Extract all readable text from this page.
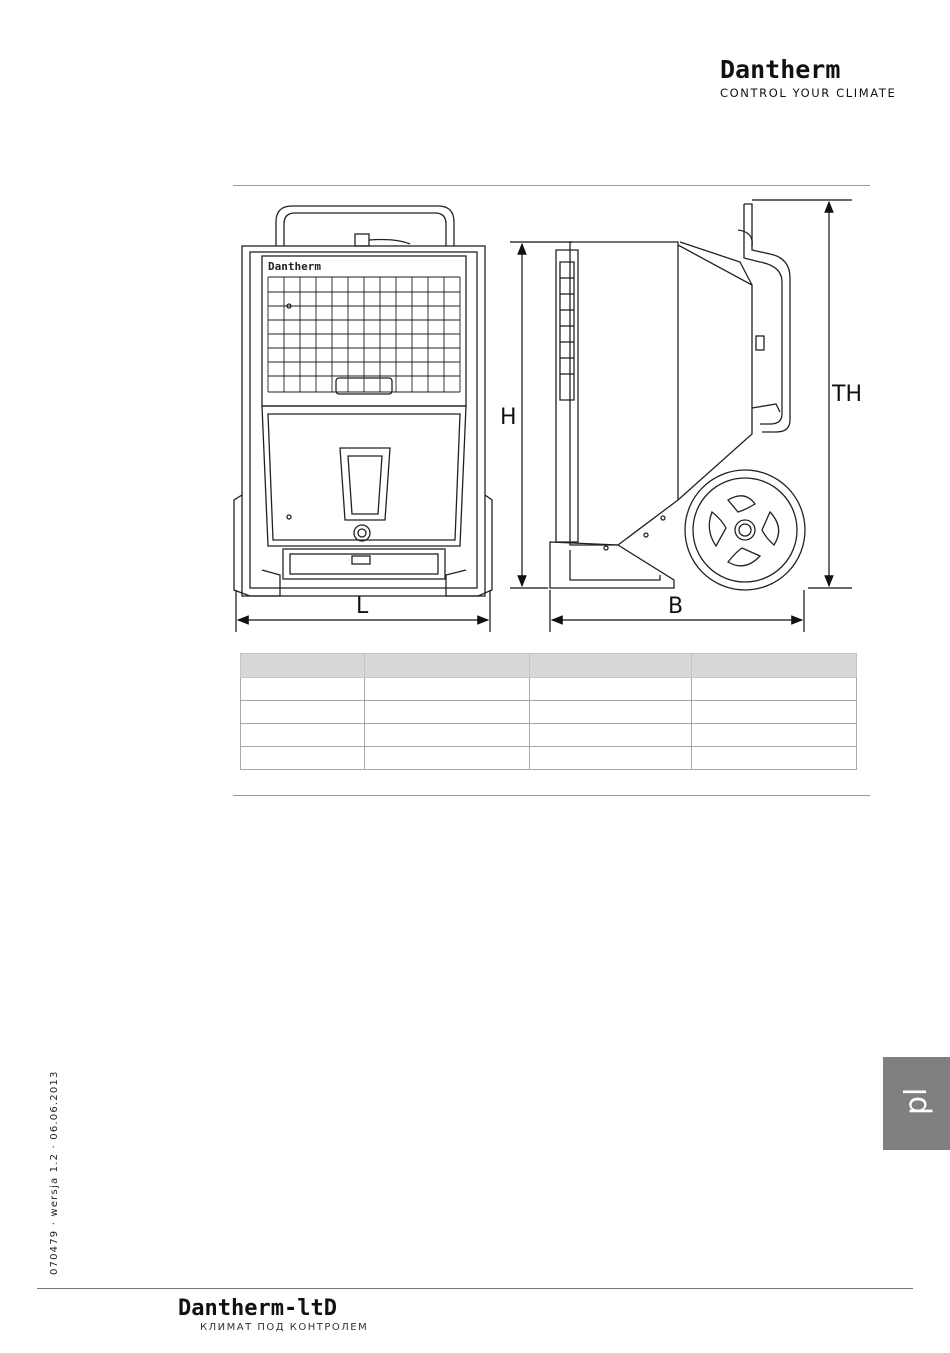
Dantherm
CONTROL YOUR CLIMATE
Dantherm
L
H
B
TH

070479 · wersja 1.2 · 06.06.2013	pl
Dantherm-ltD
КЛИМАТ ПОД КОНТРОЛЕМ
